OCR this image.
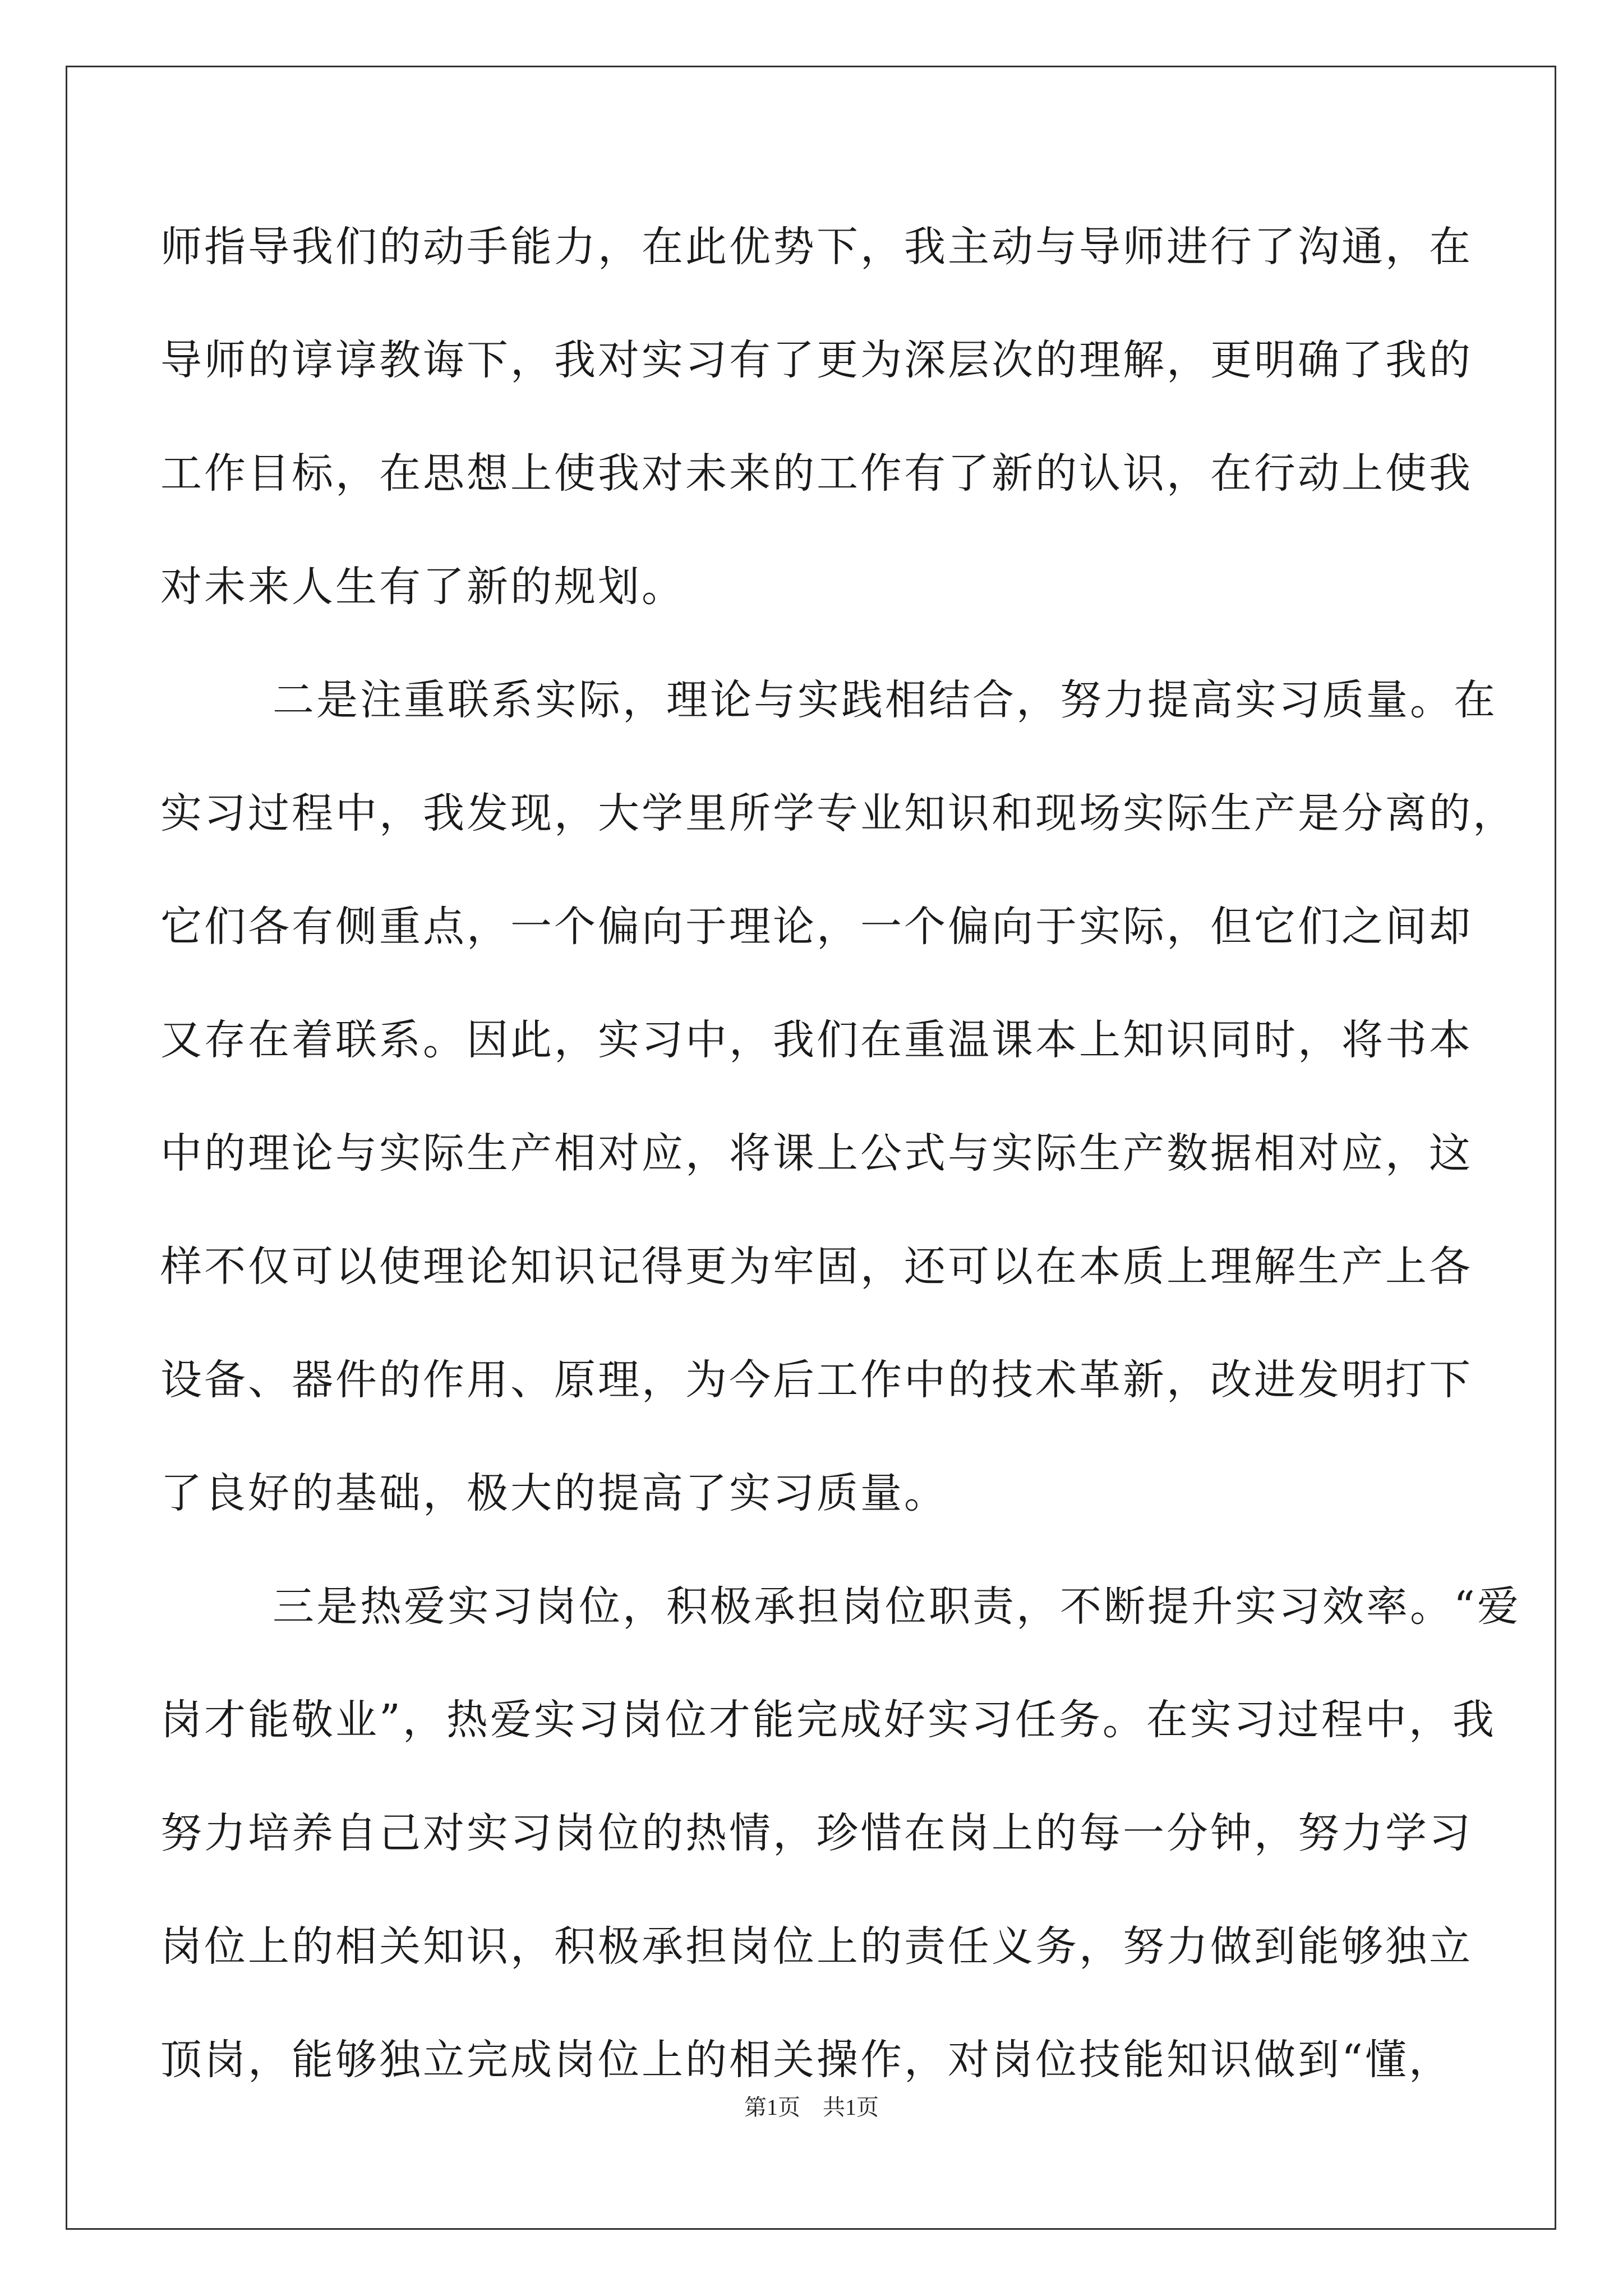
师指导我们的动手能力，在此优势下，我主动与导师进行了沟通，在
导师的谆谆教诲下，我对实习有了更为深层次的理解，更明确了我的
工作目标，在思想上使我对未来的工作有了新的认识，在行动上使我
对未来人生有了新的规划。
二是注重联系实际，理论与实践相结合，努力提高实习质量。在
实习过程中，我发现，大学里所学专业知识和现场实际生产是分离的，
它们各有侧重点，一个偏向于理论，一个偏向于实际，但它们之间却
又存在着联系。因此，实习中，我们在重温课本上知识同时，将书本
中的理论与实际生产相对应，将课上公式与实际生产数据相对应，这
样不仅可以使理论知识记得更为牢固，还可以在本质上理解生产上各
设备、器件的作用、原理，为今后工作中的技术革新，改进发明打下
了良好的基础，极大的提高了实习质量。
三是热爱实习岗位，积极承担岗位职责，不断提升实习效率。“爱
岗才能敬业”，热爱实习岗位才能完成好实习任务。在实习过程中，我
努力培养自己对实习岗位的热情，珍惜在岗上的每一分钟，努力学习
岗位上的相关知识，积极承担岗位上的责任义务，努力做到能够独立
顶岗，能够独立完成岗位上的相关操作，对岗位技能知识做到“懂，
第1页　共1页
